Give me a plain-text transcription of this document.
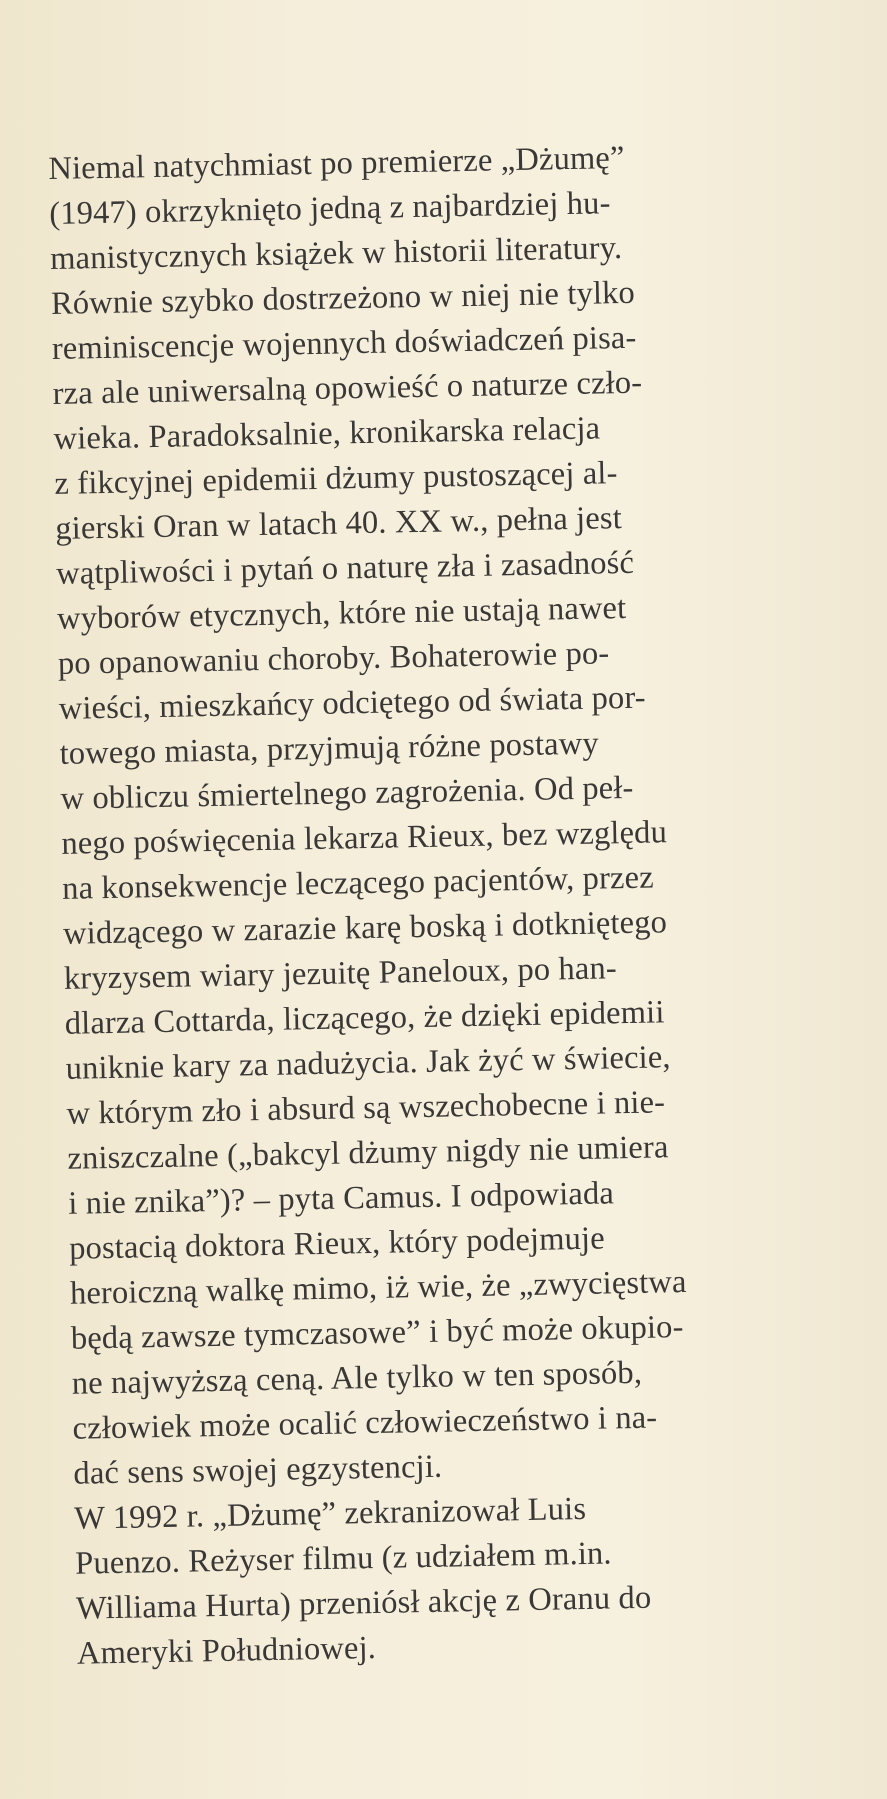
Niemal natychmiast po premierze „Dżumę”
(1947) okrzyknięto jedną z najbardziej hu-
manistycznych książek w historii literatury.
Równie szybko dostrzeżono w niej nie tylko
reminiscencje wojennych doświadczeń pisa-
rza ale uniwersalną opowieść o naturze czło-
wieka. Paradoksalnie, kronikarska relacja
z fikcyjnej epidemii dżumy pustoszącej al-
gierski Oran w latach 40. XX w., pełna jest
wątpliwości i pytań o naturę zła i zasadność
wyborów etycznych, które nie ustają nawet
po opanowaniu choroby. Bohaterowie po-
wieści, mieszkańcy odciętego od świata por-
towego miasta, przyjmują różne postawy
w obliczu śmiertelnego zagrożenia. Od peł-
nego poświęcenia lekarza Rieux, bez względu
na konsekwencje leczącego pacjentów, przez
widzącego w zarazie karę boską i dotkniętego
kryzysem wiary jezuitę Paneloux, po han-
dlarza Cottarda, liczącego, że dzięki epidemii
uniknie kary za nadużycia. Jak żyć w świecie,
w którym zło i absurd są wszechobecne i nie-
zniszczalne („bakcyl dżumy nigdy nie umiera
i nie znika”)? – pyta Camus. I odpowiada
postacią doktora Rieux, który podejmuje
heroiczną walkę mimo, iż wie, że „zwycięstwa
będą zawsze tymczasowe” i być może okupio-
ne najwyższą ceną. Ale tylko w ten sposób,
człowiek może ocalić człowieczeństwo i na-
dać sens swojej egzystencji.
W 1992 r. „Dżumę” zekranizował Luis
Puenzo. Reżyser filmu (z udziałem m.in.
Williama Hurta) przeniósł akcję z Oranu do
Ameryki Południowej.
